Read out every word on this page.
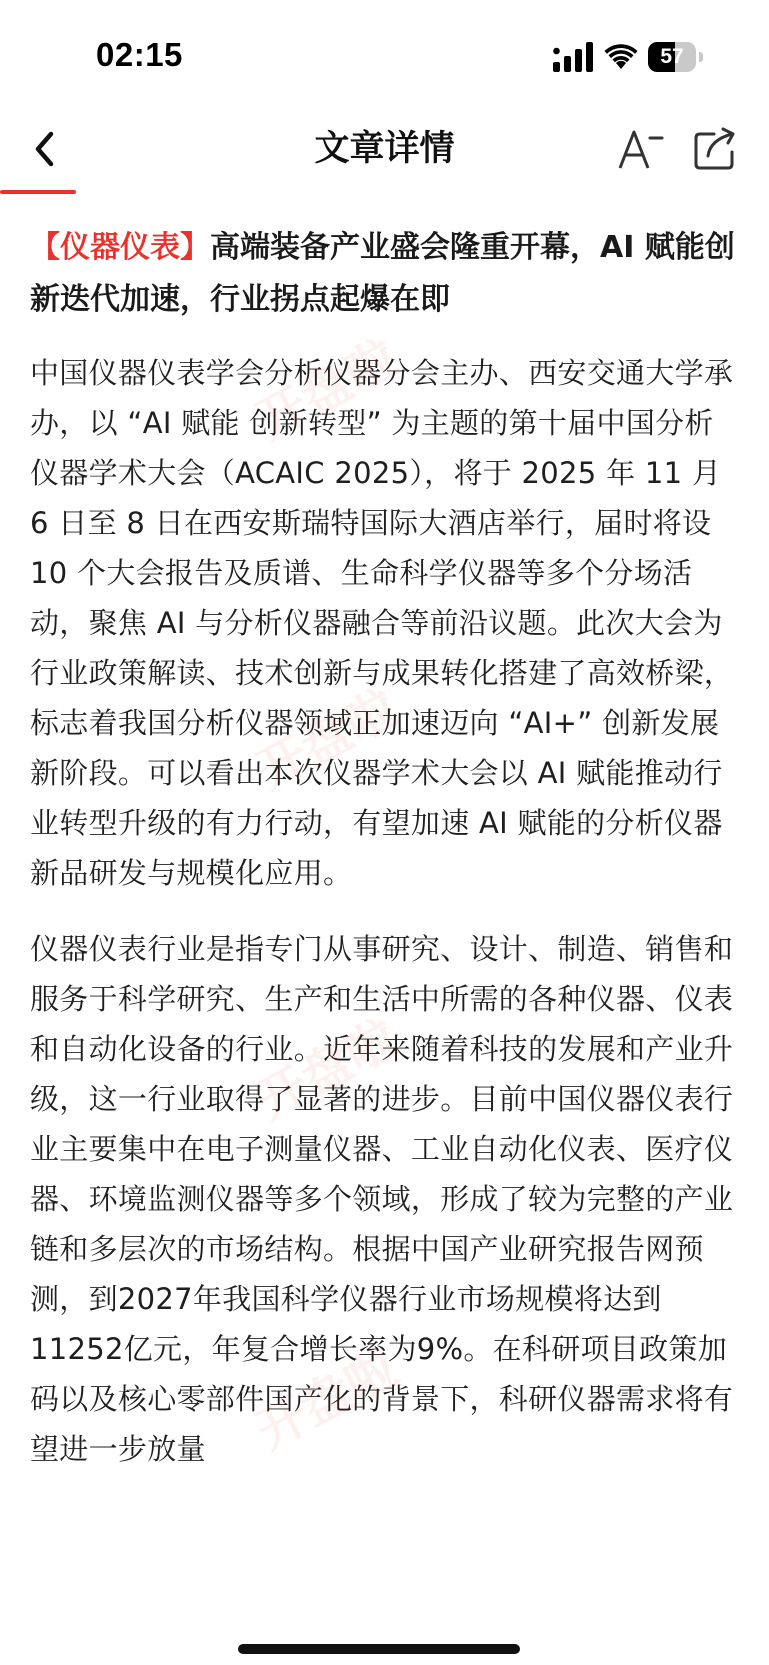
02:15	57
文章详情
【仪器仪表】高端装备产业盛会隆重开幕，AI 赋能创新迭代加速，行业拐点起爆在即

中国仪器仪表学会分析仪器分会主办、西安交通大学承办，以 “AI 赋能 创新转型” 为主题的第十届中国分析仪器学术大会（ACAIC 2025），将于 2025 年 11 月 6 日至 8 日在西安斯瑞特国际大酒店举行，届时将设 10 个大会报告及质谱、生命科学仪器等多个分场活动，聚焦 AI 与分析仪器融合等前沿议题。此次大会为行业政策解读、技术创新与成果转化搭建了高效桥梁，标志着我国分析仪器领域正加速迈向 “AI+” 创新发展新阶段。可以看出本次仪器学术大会以 AI 赋能推动行业转型升级的有力行动，有望加速 AI 赋能的分析仪器新品研发与规模化应用。

仪器仪表行业是指专门从事研究、设计、制造、销售和服务于科学研究、生产和生活中所需的各种仪器、仪表和自动化设备的行业。近年来随着科技的发展和产业升级，这一行业取得了显著的进步。目前中国仪器仪表行业主要集中在电子测量仪器、工业自动化仪表、医疗仪器、环境监测仪器等多个领域，形成了较为完整的产业链和多层次的市场结构。根据中国产业研究报告网预测，到2027年我国科学仪器行业市场规模将达到11252亿元，年复合增长率为9%。在科研项目政策加码以及核心零部件国产化的背景下，科研仪器需求将有望进一步放量

开盘啦
开盘啦
开盘啦
开盘啦
